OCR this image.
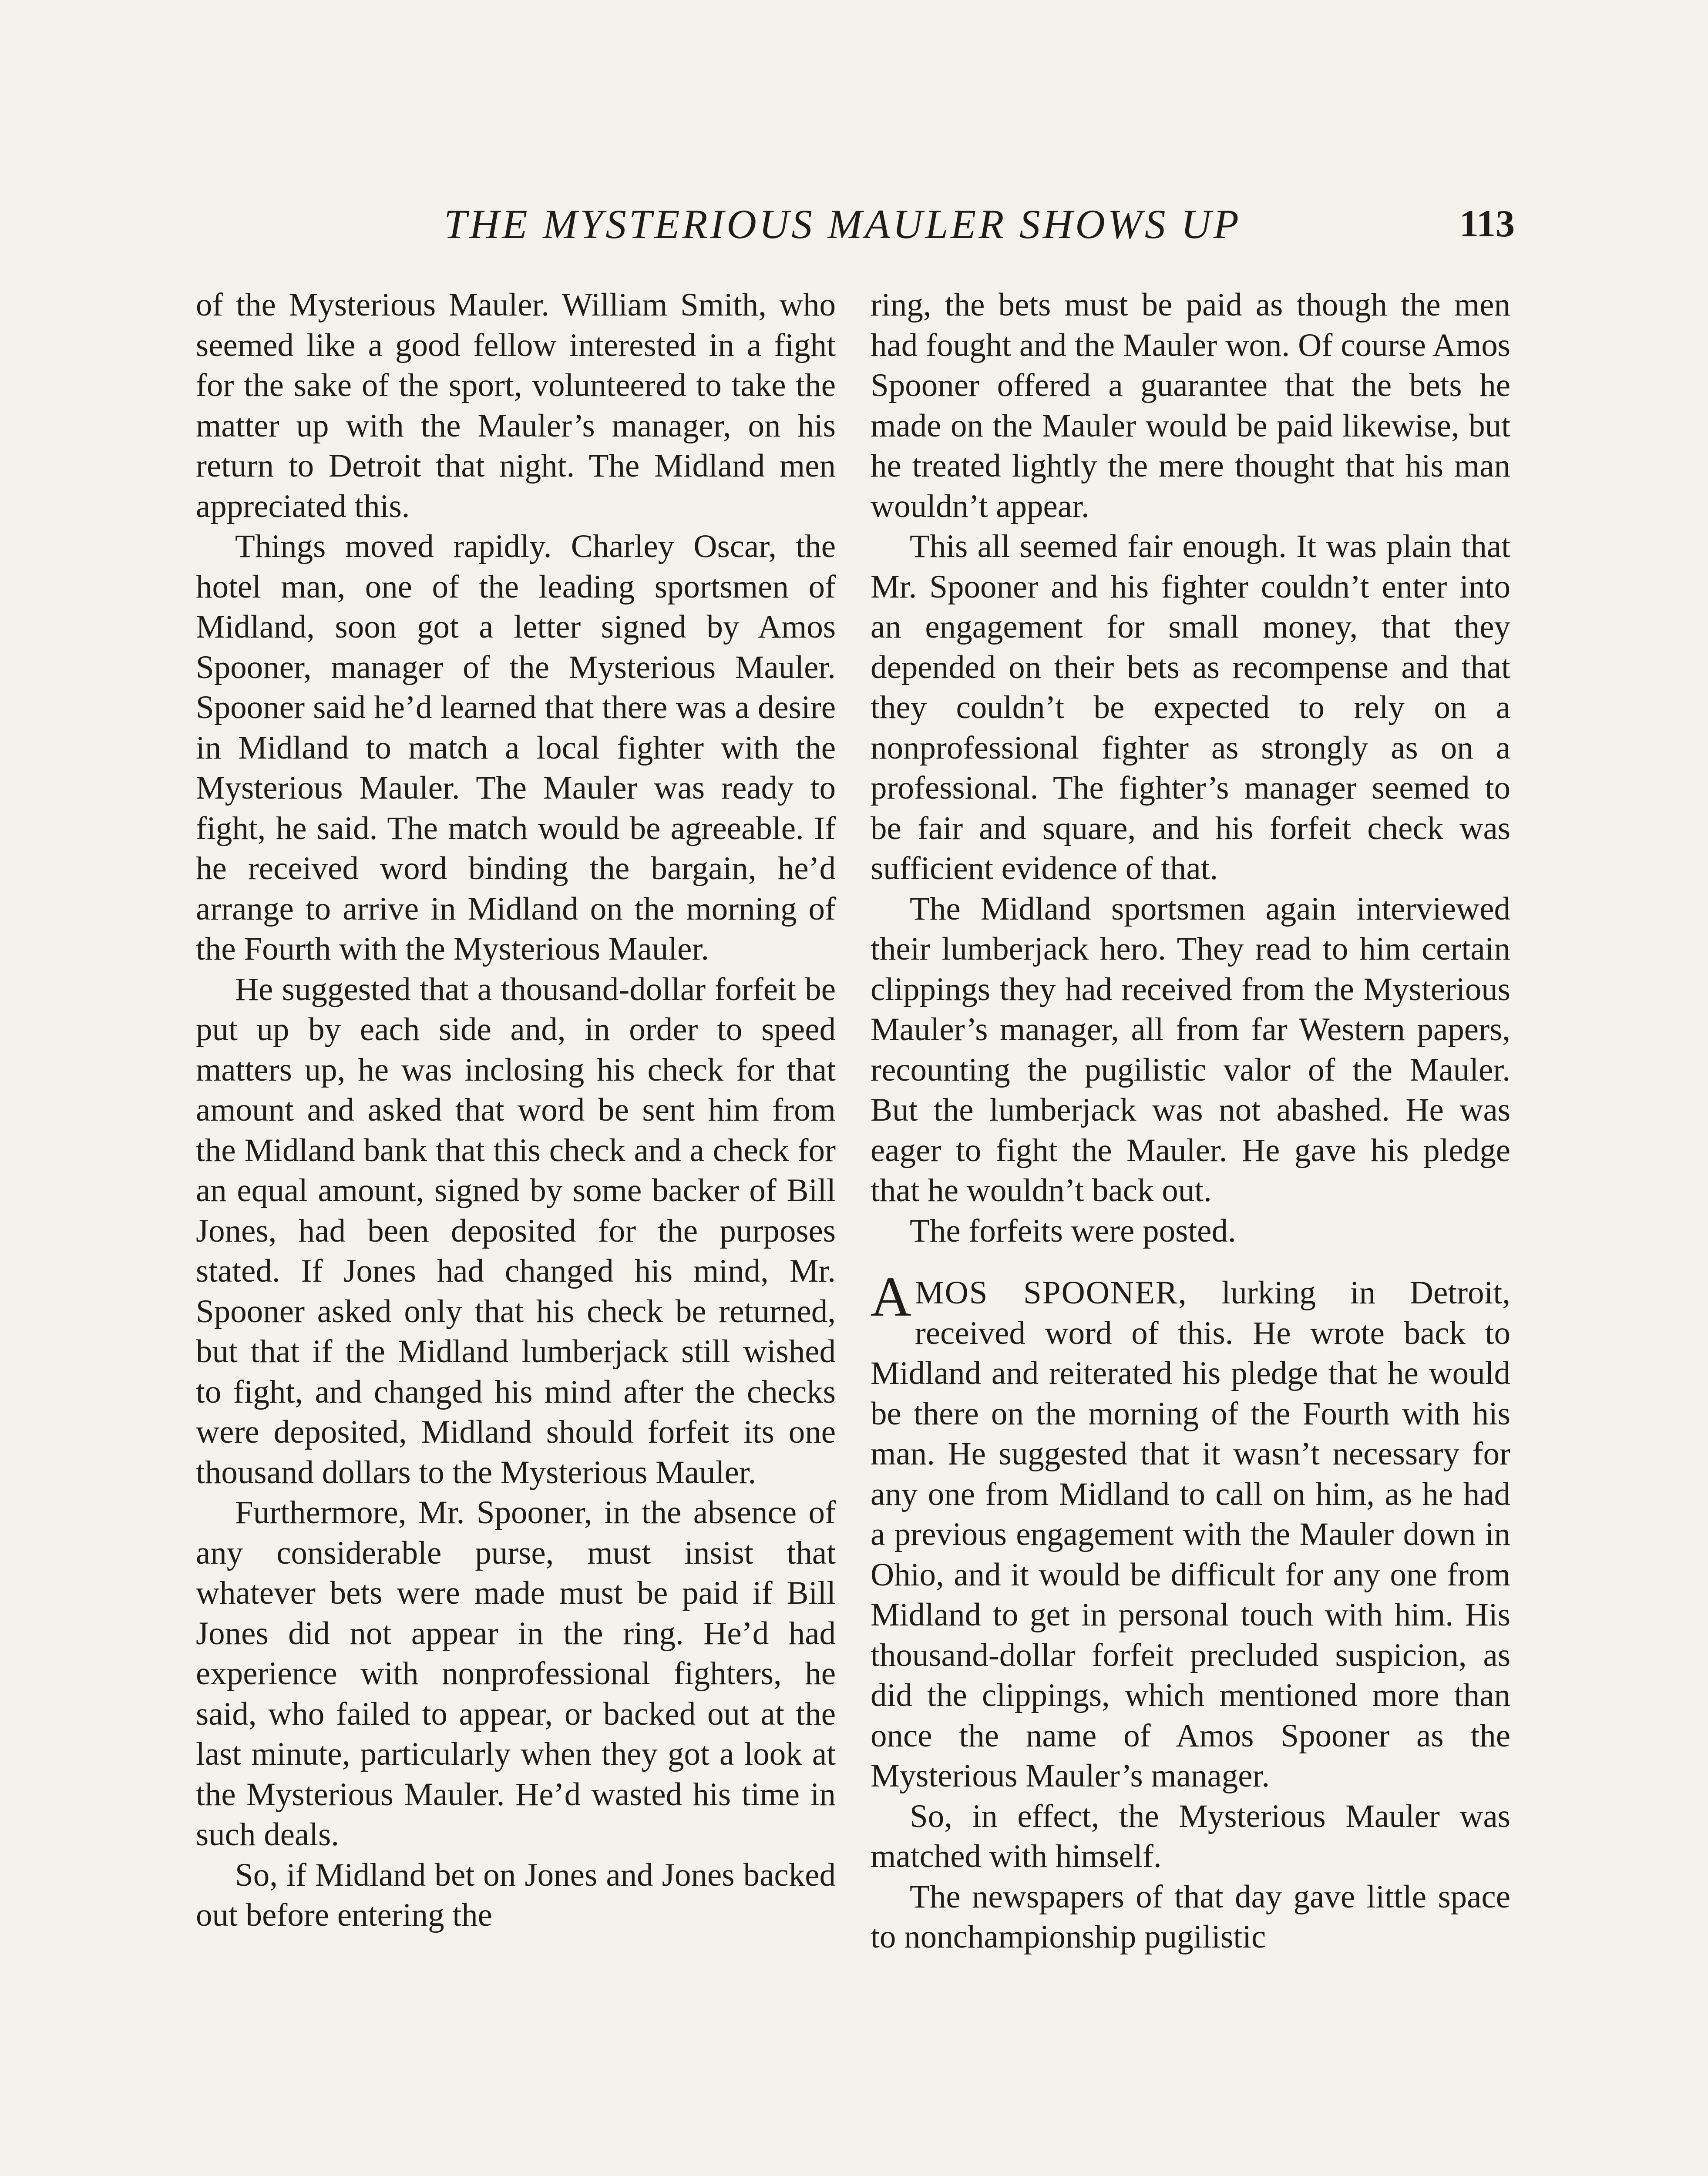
THE MYSTERIOUS MAULER SHOWS UP	113

of the Mysterious Mauler. William Smith, who seemed like a good fellow interested in a fight for the sake of the sport, volunteered to take the matter up with the Mauler’s manager, on his return to Detroit that night. The Midland men appreciated this.

Things moved rapidly. Charley Oscar, the hotel man, one of the leading sportsmen of Midland, soon got a letter signed by Amos Spooner, manager of the Mysterious Mauler. Spooner said he’d learned that there was a desire in Midland to match a local fighter with the Mysterious Mauler. The Mauler was ready to fight, he said. The match would be agreeable. If he received word binding the bargain, he’d arrange to arrive in Midland on the morning of the Fourth with the Mysterious Mauler.

He suggested that a thousand-dollar forfeit be put up by each side and, in order to speed matters up, he was inclosing his check for that amount and asked that word be sent him from the Midland bank that this check and a check for an equal amount, signed by some backer of Bill Jones, had been deposited for the purposes stated. If Jones had changed his mind, Mr. Spooner asked only that his check be returned, but that if the Midland lumberjack still wished to fight, and changed his mind after the checks were deposited, Midland should forfeit its one thousand dollars to the Mysterious Mauler.

Furthermore, Mr. Spooner, in the absence of any considerable purse, must insist that whatever bets were made must be paid if Bill Jones did not appear in the ring. He’d had experience with nonprofessional fighters, he said, who failed to appear, or backed out at the last minute, particularly when they got a look at the Mysterious Mauler. He’d wasted his time in such deals.

So, if Midland bet on Jones and Jones backed out before entering the

ring, the bets must be paid as though the men had fought and the Mauler won. Of course Amos Spooner offered a guarantee that the bets he made on the Mauler would be paid likewise, but he treated lightly the mere thought that his man wouldn’t appear.

This all seemed fair enough. It was plain that Mr. Spooner and his fighter couldn’t enter into an engagement for small money, that they depended on their bets as recompense and that they couldn’t be expected to rely on a nonprofessional fighter as strongly as on a professional. The fighter’s manager seemed to be fair and square, and his forfeit check was sufficient evidence of that.

The Midland sportsmen again interviewed their lumberjack hero. They read to him certain clippings they had received from the Mysterious Mauler’s manager, all from far Western papers, recounting the pugilistic valor of the Mauler. But the lumberjack was not abashed. He was eager to fight the Mauler. He gave his pledge that he wouldn’t back out.

The forfeits were posted.

AMOS SPOONER, lurking in Detroit, received word of this. He wrote back to Midland and reiterated his pledge that he would be there on the morning of the Fourth with his man. He suggested that it wasn’t necessary for any one from Midland to call on him, as he had a previous engagement with the Mauler down in Ohio, and it would be difficult for any one from Midland to get in personal touch with him. His thousand-dollar forfeit precluded suspicion, as did the clippings, which mentioned more than once the name of Amos Spooner as the Mysterious Mauler’s manager.

So, in effect, the Mysterious Mauler was matched with himself.

The newspapers of that day gave little space to nonchampionship pugilistic
